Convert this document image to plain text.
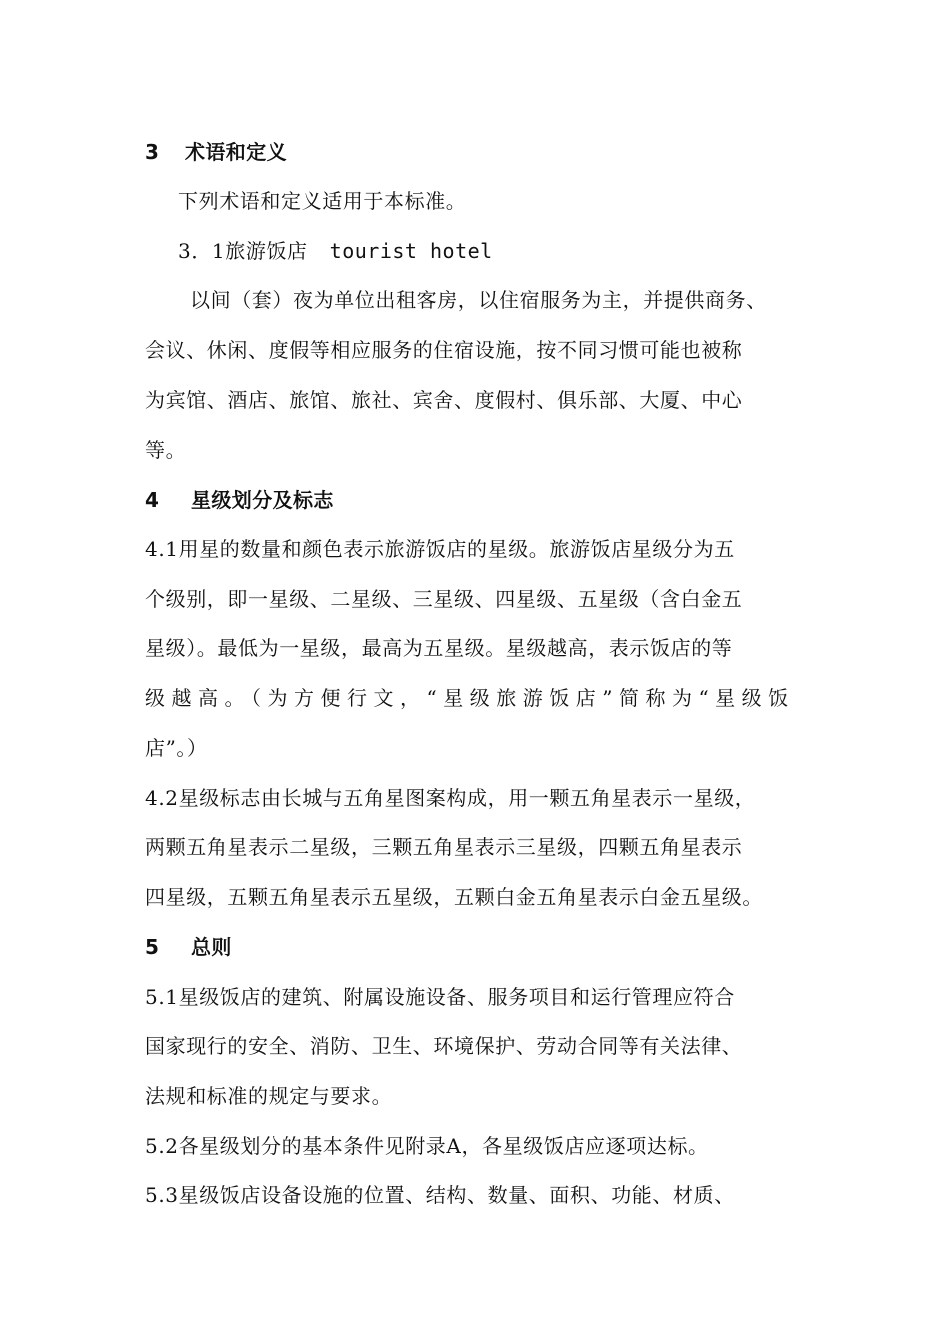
3 术语和定义

下列术语和定义适用于本标准。

3．1旅游饭店 tourist hotel

以间（套）夜为单位出租客房，以住宿服务为主，并提供商务、

会议、休闲、度假等相应服务的住宿设施，按不同习惯可能也被称

为宾馆、酒店、旅馆、旅社、宾舍、度假村、俱乐部、大厦、中心

等。

4 星级划分及标志

4.1用星的数量和颜色表示旅游饭店的星级。旅游饭店星级分为五

个级别，即一星级、二星级、三星级、四星级、五星级（含白金五

星级）。最低为一星级，最高为五星级。星级越高，表示饭店的等

级越高。（为方便行文，“星级旅游饭店”简称为“星级饭

店”。）

4.2星级标志由长城与五角星图案构成，用一颗五角星表示一星级，

两颗五角星表示二星级，三颗五角星表示三星级，四颗五角星表示

四星级，五颗五角星表示五星级，五颗白金五角星表示白金五星级。

5 总则

5.1星级饭店的建筑、附属设施设备、服务项目和运行管理应符合

国家现行的安全、消防、卫生、环境保护、劳动合同等有关法律、

法规和标准的规定与要求。

5.2各星级划分的基本条件见附录A，各星级饭店应逐项达标。

5.3星级饭店设备设施的位置、结构、数量、面积、功能、材质、
